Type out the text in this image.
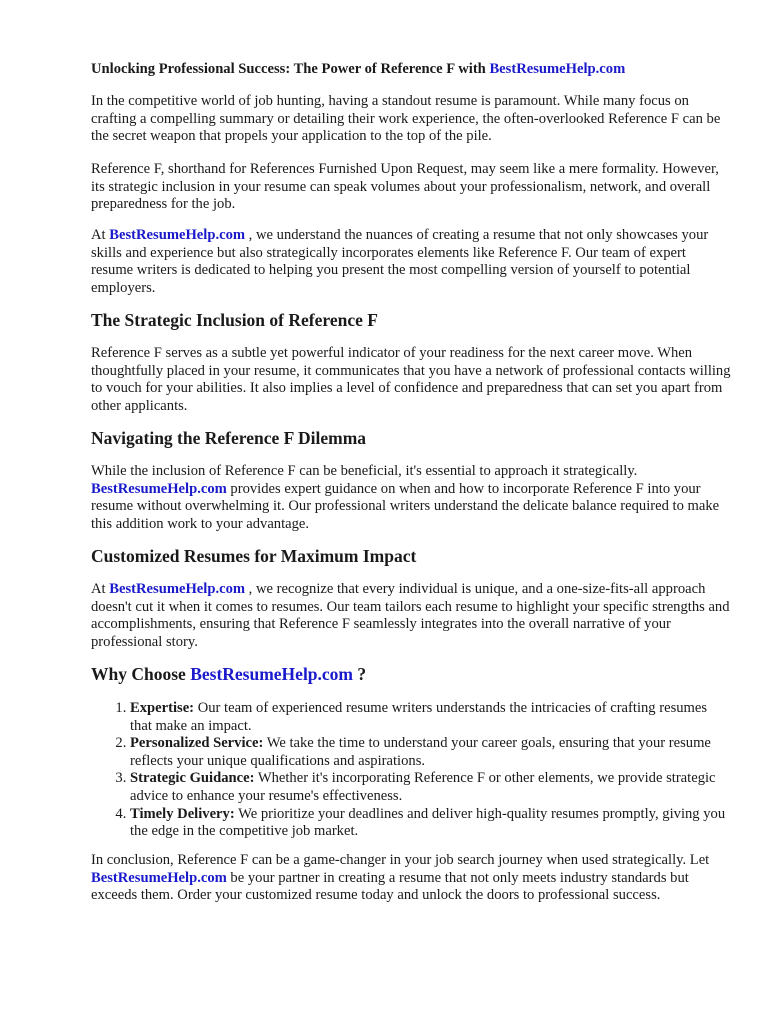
Unlocking Professional Success: The Power of Reference F with BestResumeHelp.com
In the competitive world of job hunting, having a standout resume is paramount. While many focus on crafting a compelling summary or detailing their work experience, the often-overlooked Reference F can be the secret weapon that propels your application to the top of the pile.
Reference F, shorthand for References Furnished Upon Request, may seem like a mere formality. However, its strategic inclusion in your resume can speak volumes about your professionalism, network, and overall preparedness for the job.
At BestResumeHelp.com , we understand the nuances of creating a resume that not only showcases your skills and experience but also strategically incorporates elements like Reference F. Our team of expert resume writers is dedicated to helping you present the most compelling version of yourself to potential employers.
The Strategic Inclusion of Reference F
Reference F serves as a subtle yet powerful indicator of your readiness for the next career move. When thoughtfully placed in your resume, it communicates that you have a network of professional contacts willing to vouch for your abilities. It also implies a level of confidence and preparedness that can set you apart from other applicants.
Navigating the Reference F Dilemma
While the inclusion of Reference F can be beneficial, it's essential to approach it strategically. BestResumeHelp.com provides expert guidance on when and how to incorporate Reference F into your resume without overwhelming it. Our professional writers understand the delicate balance required to make this addition work to your advantage.
Customized Resumes for Maximum Impact
At BestResumeHelp.com , we recognize that every individual is unique, and a one-size-fits-all approach doesn't cut it when it comes to resumes. Our team tailors each resume to highlight your specific strengths and accomplishments, ensuring that Reference F seamlessly integrates into the overall narrative of your professional story.
Why Choose BestResumeHelp.com ?
1. Expertise: Our team of experienced resume writers understands the intricacies of crafting resumes that make an impact.
2. Personalized Service: We take the time to understand your career goals, ensuring that your resume reflects your unique qualifications and aspirations.
3. Strategic Guidance: Whether it's incorporating Reference F or other elements, we provide strategic advice to enhance your resume's effectiveness.
4. Timely Delivery: We prioritize your deadlines and deliver high-quality resumes promptly, giving you the edge in the competitive job market.
In conclusion, Reference F can be a game-changer in your job search journey when used strategically. Let BestResumeHelp.com be your partner in creating a resume that not only meets industry standards but exceeds them. Order your customized resume today and unlock the doors to professional success.
